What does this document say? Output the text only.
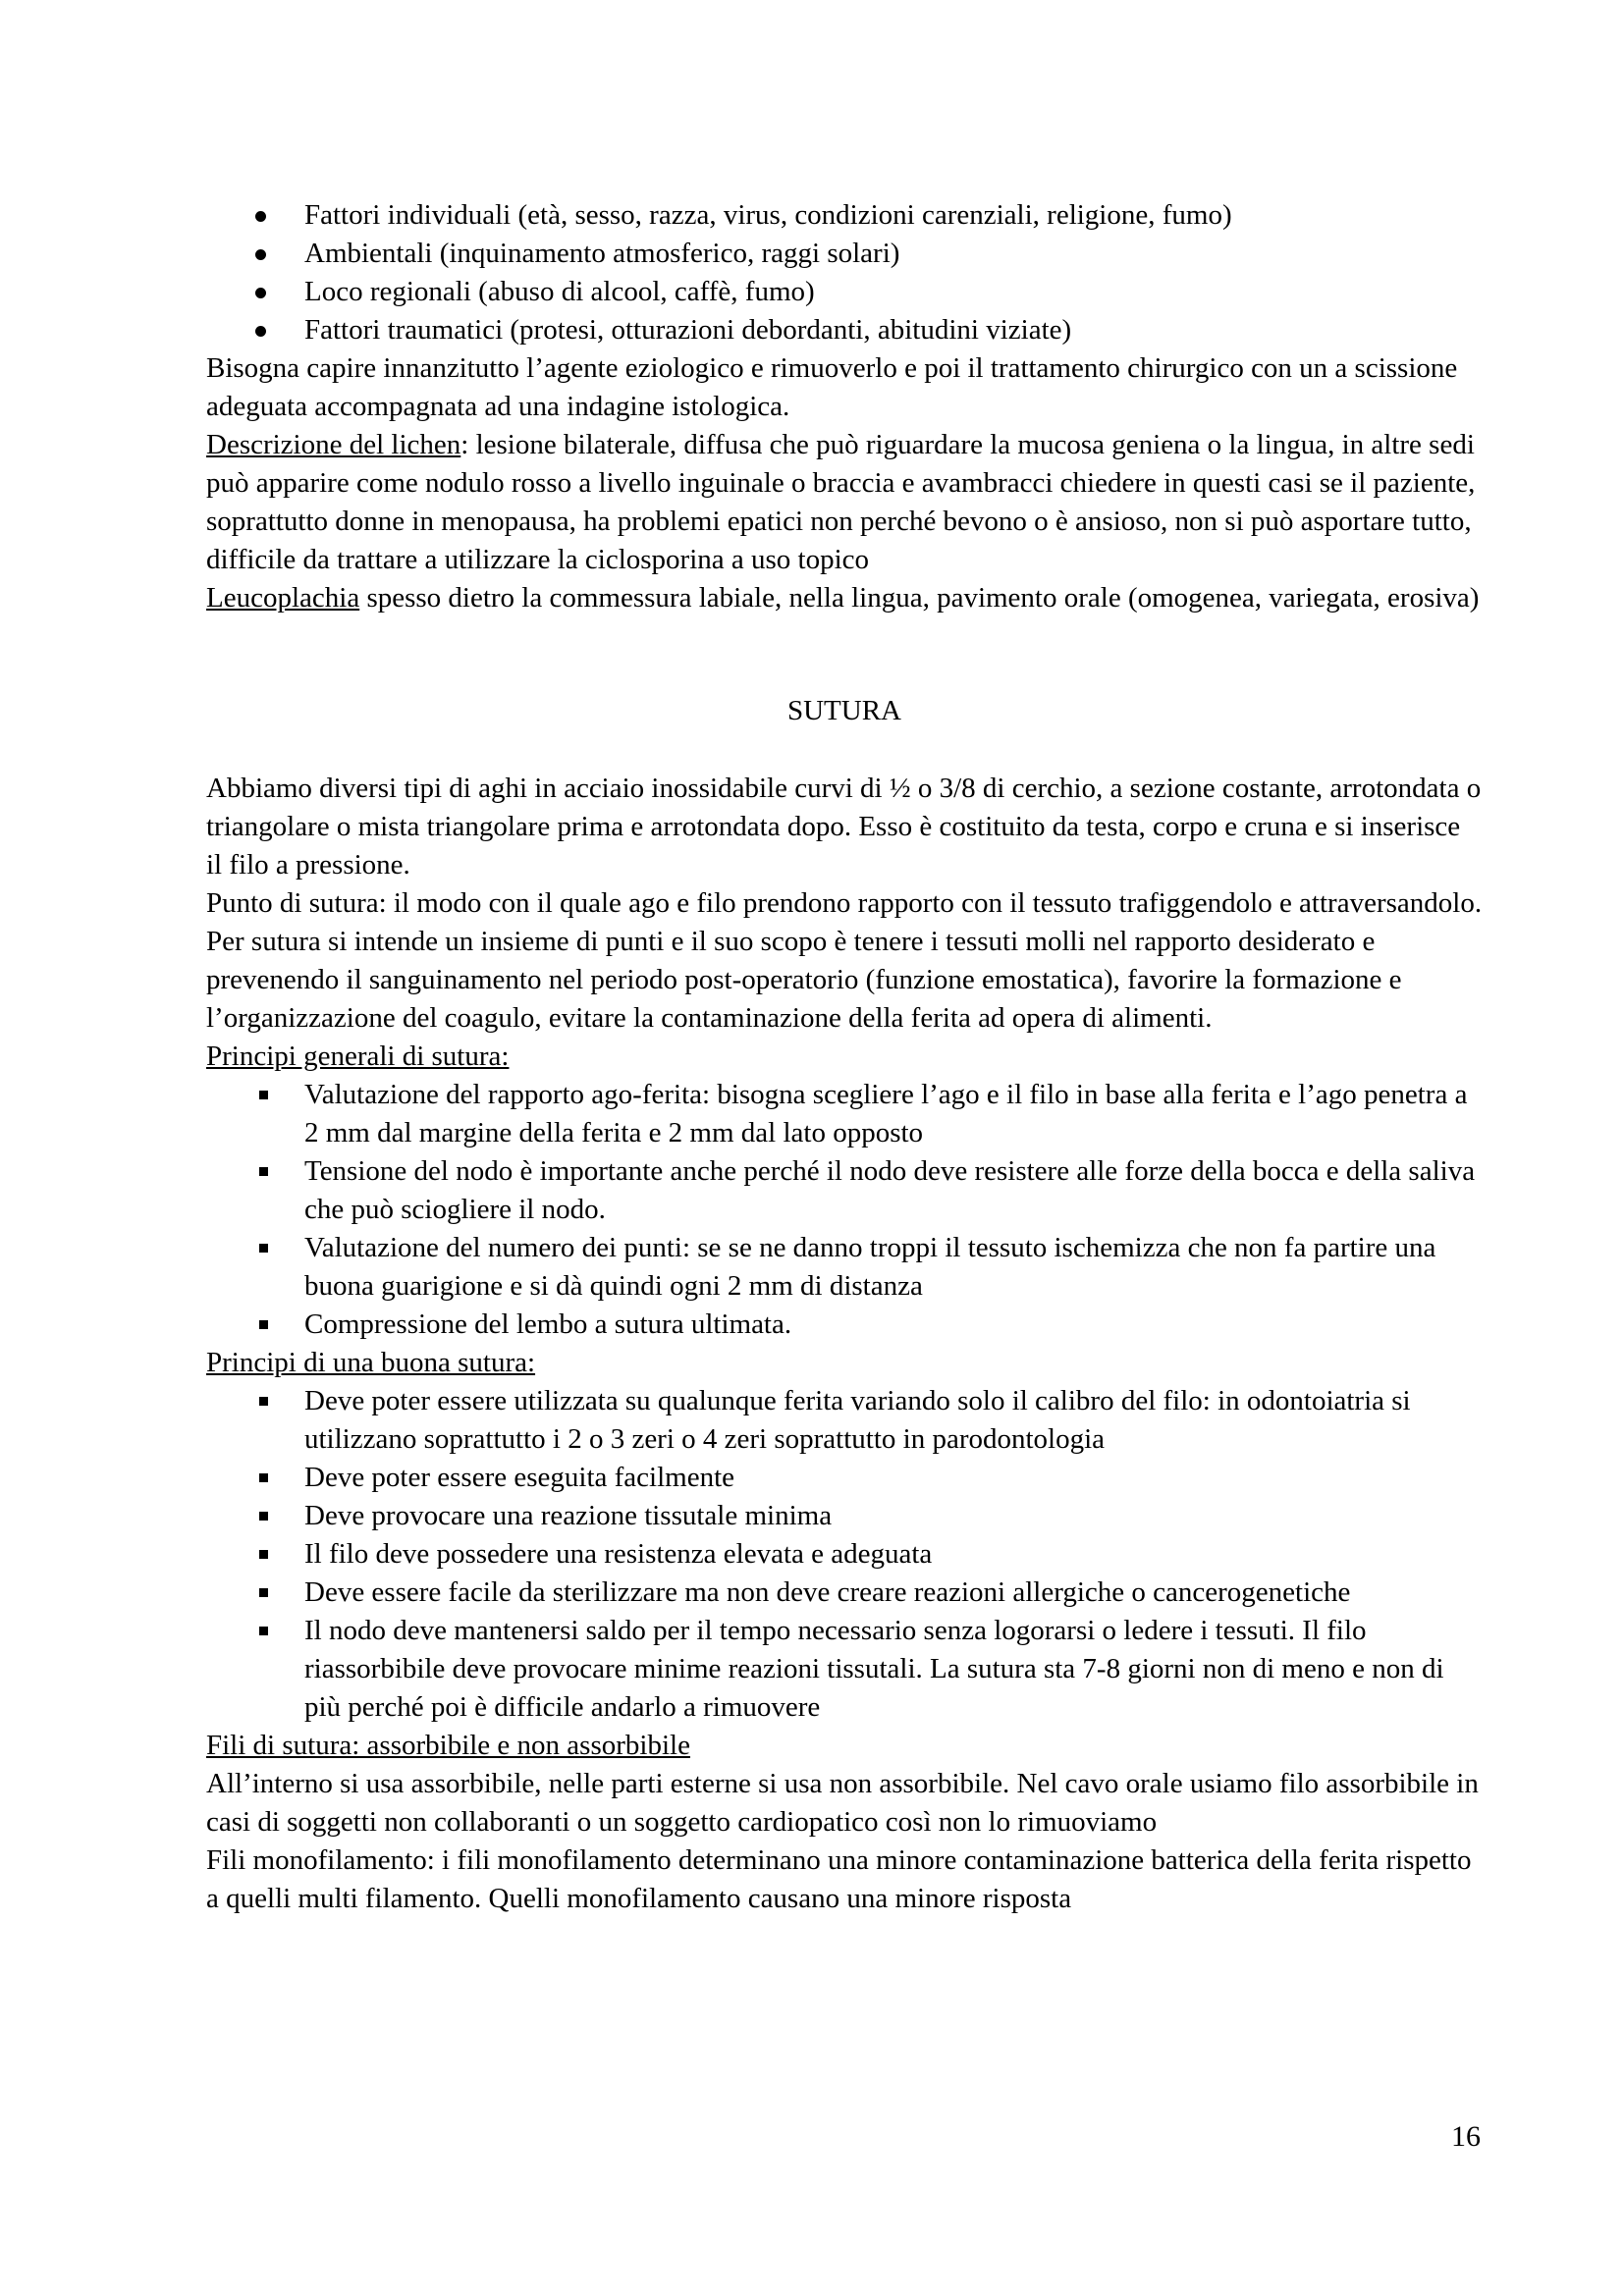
Fattori individuali (età, sesso, razza, virus, condizioni carenziali, religione, fumo)
Ambientali (inquinamento atmosferico, raggi solari)
Loco regionali (abuso di alcool, caffè, fumo)
Fattori traumatici (protesi, otturazioni debordanti, abitudini viziate)

Bisogna capire innanzitutto l’agente eziologico e rimuoverlo e poi il trattamento chirurgico con un a scissione adeguata accompagnata ad una indagine istologica.

Descrizione del lichen: lesione bilaterale, diffusa che può riguardare la mucosa geniena o la lingua, in altre sedi può apparire come nodulo rosso a livello inguinale o braccia e avambracci chiedere in questi casi se il paziente, soprattutto donne in menopausa, ha problemi epatici non perché bevono o è ansioso, non si può asportare tutto, difficile da trattare a utilizzare la ciclosporina a uso topico

Leucoplachia spesso dietro la commessura labiale, nella lingua, pavimento orale (omogenea, variegata, erosiva)

SUTURA

Abbiamo diversi tipi di aghi in acciaio inossidabile curvi di ½ o 3/8 di cerchio, a sezione costante, arrotondata o triangolare o mista triangolare prima e arrotondata dopo. Esso è costituito da testa, corpo e cruna e si inserisce il filo a pressione.

Punto di sutura: il modo con il quale ago e filo prendono rapporto con il tessuto trafiggendolo e attraversandolo. Per sutura si intende un insieme di punti e il suo scopo è tenere i tessuti molli nel rapporto desiderato e prevenendo il sanguinamento nel periodo post-operatorio (funzione emostatica), favorire la formazione e l’organizzazione del coagulo, evitare la contaminazione della ferita ad opera di alimenti.

Principi generali di sutura:

Valutazione del rapporto ago-ferita: bisogna scegliere l’ago e il filo in base alla ferita e l’ago penetra a 2 mm dal margine della ferita e 2 mm dal lato opposto
Tensione del nodo è importante anche perché il nodo deve resistere alle forze della bocca e della saliva che può sciogliere il nodo.
Valutazione del numero dei punti: se se ne danno troppi il tessuto ischemizza che non fa partire una buona guarigione e si dà quindi ogni 2 mm di distanza
Compressione del lembo a sutura ultimata.

Principi di una buona sutura:

Deve poter essere utilizzata su qualunque ferita variando solo il calibro del filo: in odontoiatria si utilizzano soprattutto i 2 o 3 zeri o 4 zeri soprattutto in parodontologia
Deve poter essere eseguita facilmente
Deve provocare una reazione tissutale minima
Il filo deve possedere una resistenza elevata e adeguata
Deve essere facile da sterilizzare ma non deve creare reazioni allergiche o cancerogenetiche
Il nodo deve mantenersi saldo per il tempo necessario senza logorarsi o ledere i tessuti. Il filo riassorbibile deve provocare minime reazioni tissutali. La sutura sta 7-8 giorni non di meno e non di più perché poi è difficile andarlo a rimuovere

Fili di sutura: assorbibile e non assorbibile

All’interno si usa assorbibile, nelle parti esterne si usa non assorbibile. Nel cavo orale usiamo filo assorbibile in casi di soggetti non collaboranti o un soggetto cardiopatico così non lo rimuoviamo

Fili monofilamento: i fili monofilamento determinano una minore contaminazione batterica della ferita rispetto a quelli multi filamento. Quelli monofilamento causano una minore risposta

16
